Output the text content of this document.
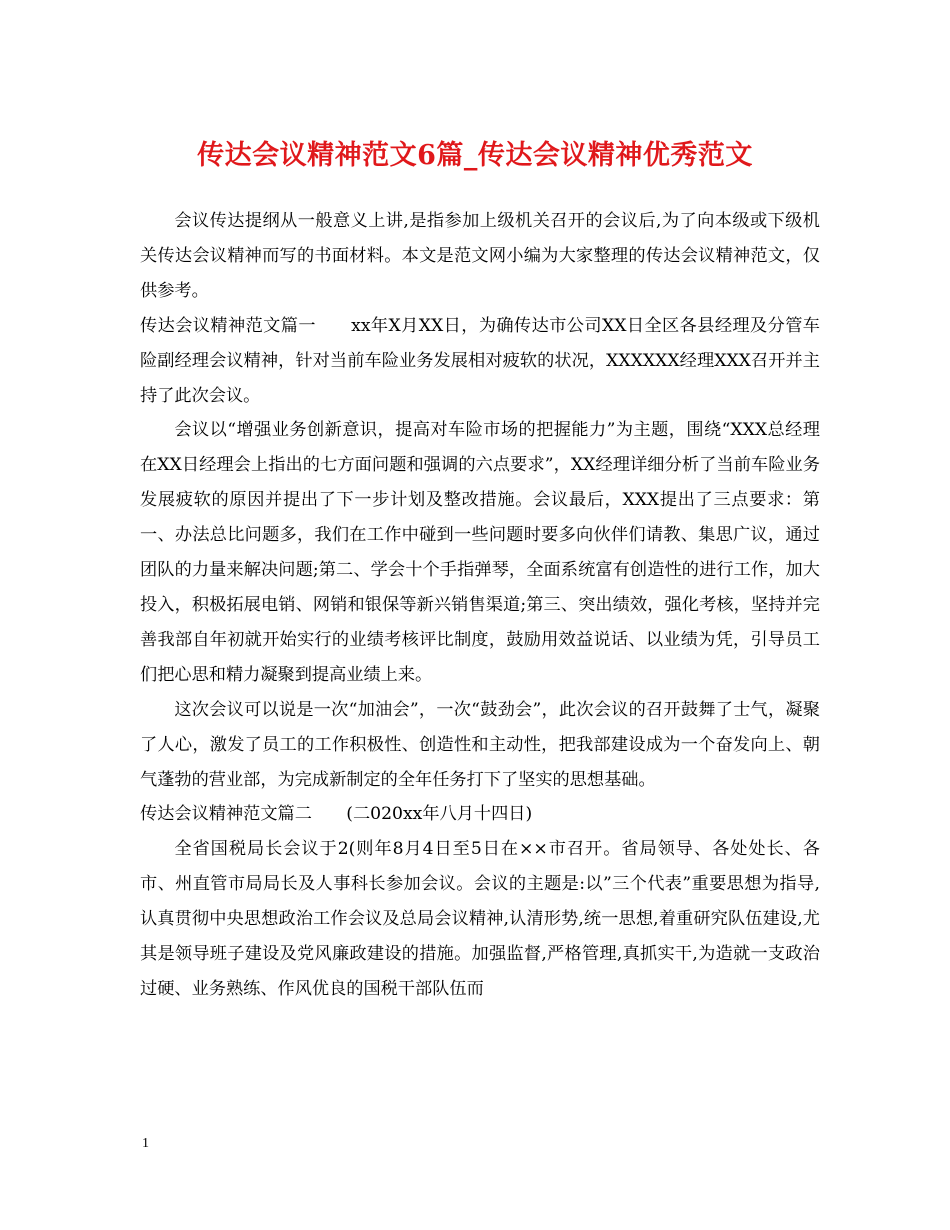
传达会议精神范文6篇_传达会议精神优秀范文

会议传达提纲从一般意义上讲,是指参加上级机关召开的会议后,为了向本级或下级机关传达会议精神而写的书面材料。本文是范文网小编为大家整理的传达会议精神范文，仅供参考。

传达会议精神范文篇一　　xx年X月XX日，为确传达市公司XX日全区各县经理及分管车险副经理会议精神，针对当前车险业务发展相对疲软的状况，XXXXXX经理XXX召开并主持了此次会议。

会议以“增强业务创新意识，提高对车险市场的把握能力”为主题，围绕“XXX总经理在XX日经理会上指出的七方面问题和强调的六点要求”，XX经理详细分析了当前车险业务发展疲软的原因并提出了下一步计划及整改措施。会议最后，XXX提出了三点要求：第一、办法总比问题多，我们在工作中碰到一些问题时要多向伙伴们请教、集思广议，通过团队的力量来解决问题;第二、学会十个手指弹琴，全面系统富有创造性的进行工作，加大投入，积极拓展电销、网销和银保等新兴销售渠道;第三、突出绩效，强化考核，坚持并完善我部自年初就开始实行的业绩考核评比制度，鼓励用效益说话、以业绩为凭，引导员工们把心思和精力凝聚到提高业绩上来。

这次会议可以说是一次“加油会”，一次“鼓劲会”，此次会议的召开鼓舞了士气，凝聚了人心，激发了员工的工作积极性、创造性和主动性，把我部建设成为一个奋发向上、朝气蓬勃的营业部，为完成新制定的全年任务打下了坚实的思想基础。

传达会议精神范文篇二　　(二020xx年八月十四日)

全省国税局长会议于2(则年8月4日至5日在××市召开。省局领导、各处处长、各市、州直管市局局长及人事科长参加会议。会议的主题是:以”三个代表”重要思想为指导,认真贯彻中央思想政治工作会议及总局会议精神,认清形势,统一思想,着重研究队伍建设,尤其是领导班子建设及党风廉政建设的措施。加强监督,严格管理,真抓实干,为造就一支政治过硬、业务熟练、作风优良的国税干部队伍而

1
